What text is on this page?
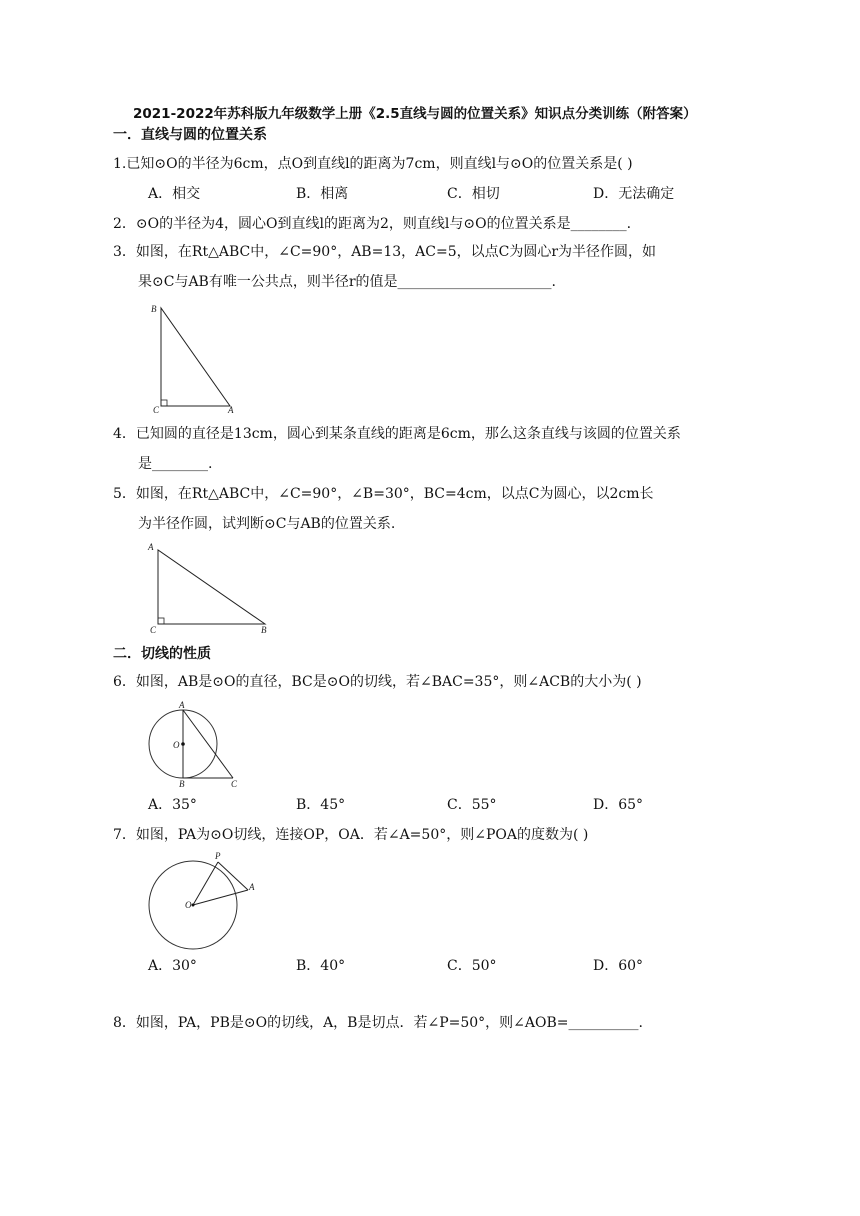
2021-2022年苏科版九年级数学上册《2.5直线与圆的位置关系》知识点分类训练（附答案）
一．直线与圆的位置关系
1.已知⊙O的半径为6cm，点O到直线l的距离为7cm，则直线l与⊙O的位置关系是( )
A．相交	B．相离	C．相切	D．无法确定
2．⊙O的半径为4，圆心O到直线l的距离为2，则直线l与⊙O的位置关系是________.
3．如图，在Rt△ABC中，∠C=90°，AB=13，AC=5，以点C为圆心r为半径作圆，如
果⊙C与AB有唯一公共点，则半径r的值是______________________.
B
C	A
4．已知圆的直径是13cm，圆心到某条直线的距离是6cm，那么这条直线与该圆的位置关系
是________.
5．如图，在Rt△ABC中，∠C=90°，∠B=30°，BC=4cm，以点C为圆心，以2cm长
为半径作圆，试判断⊙C与AB的位置关系.
A
C	B
二．切线的性质
6．如图，AB是⊙O的直径，BC是⊙O的切线，若∠BAC=35°，则∠ACB的大小为( )
A
O
B	C
A．35°	B．45°	C．55°	D．65°
7．如图，PA为⊙O切线，连接OP，OA．若∠A=50°，则∠POA的度数为( )
P
A
O
A．30°	B．40°	C．50°	D．60°
8．如图，PA，PB是⊙O的切线，A，B是切点．若∠P=50°，则∠AOB=__________.
